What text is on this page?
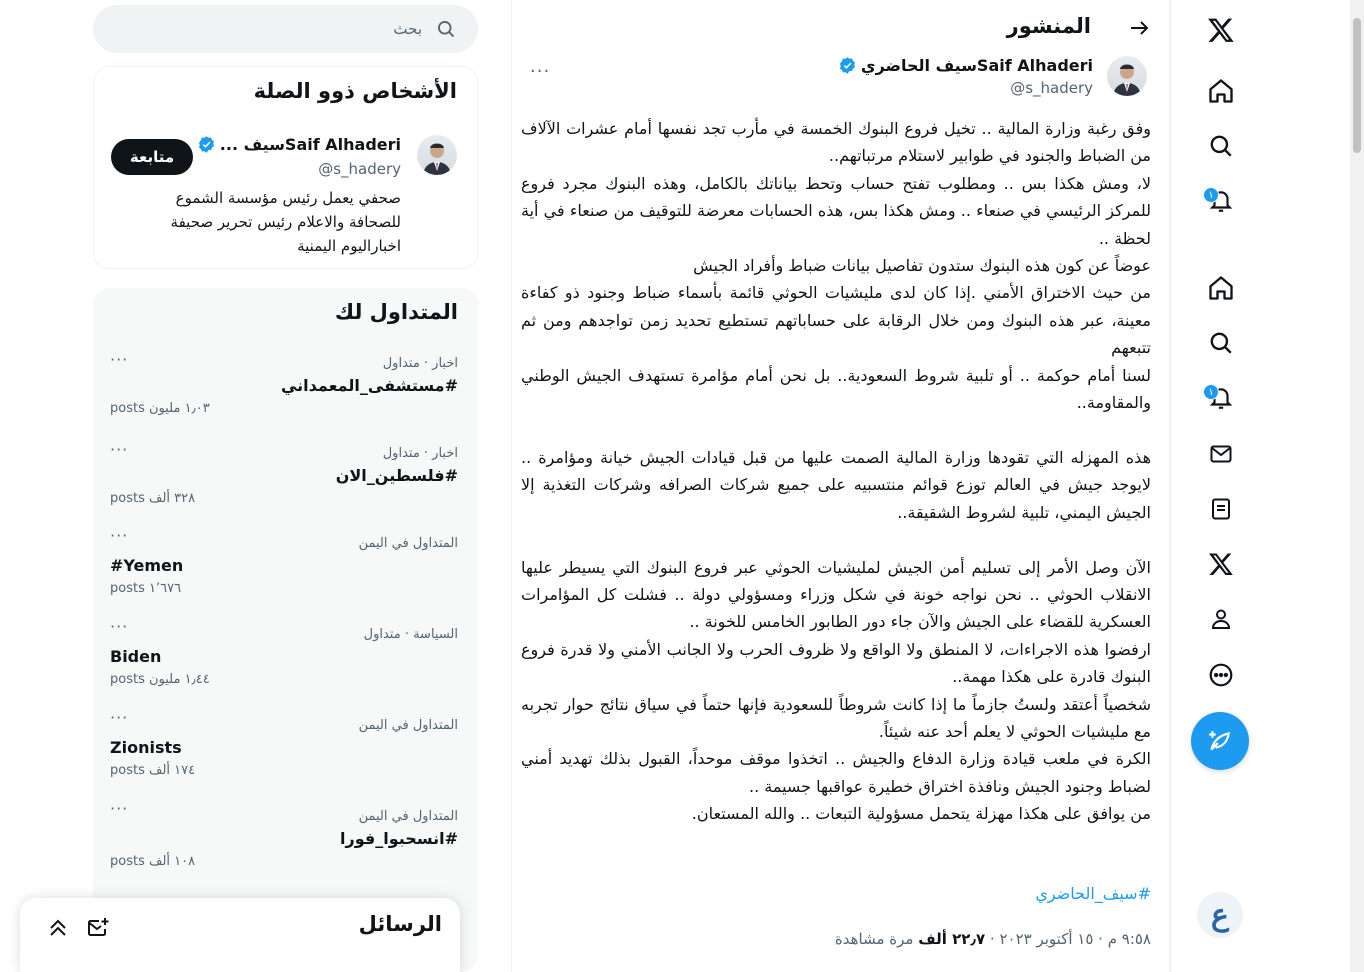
١
١
ع
المنشور
Saif Alhaderiسيف الحاضري
@s_hadery
...
وفق رغبة وزارة المالية .. تخيل فروع البنوك الخمسة في مأرب تجد نفسها أمام عشرات الآلاف من الضباط والجنود في طوابير لاستلام مرتباتهم..
لا، ومش هكذا بس .. ومطلوب تفتح حساب وتحط بياناتك بالكامل، وهذه البنوك مجرد فروع للمركز الرئيسي في صنعاء .. ومش هكذا بس، هذه الحسابات معرضة للتوقيف من صنعاء في أية لحظة ..
عوضاً عن كون هذه البنوك ستدون تفاصيل بيانات ضباط وأفراد الجيش
من حيث الاختراق الأمني .إذا كان لدى مليشيات الحوثي قائمة بأسماء ضباط وجنود ذو كفاءة معينة، عبر هذه البنوك ومن خلال الرقابة على حساباتهم تستطيع تحديد زمن تواجدهم ومن ثم تتبعهم
لسنا أمام حوكمة .. أو تلبية شروط السعودية.. بل نحن أمام مؤامرة تستهدف الجيش الوطني والمقاومة..

هذه المهزله التي تقودها وزارة المالية الصمت عليها من قبل قيادات الجيش خيانة ومؤامرة .. لايوجد جيش في العالم توزع قوائم منتسبيه على جميع شركات الصرافه وشركات التغذية إلا الجيش اليمني، تلبية لشروط الشقيقة..

الآن وصل الأمر إلى تسليم أمن الجيش لمليشيات الحوثي عبر فروع البنوك التي يسيطر عليها الانقلاب الحوثي .. نحن نواجه خونة في شكل وزراء ومسؤولي دولة .. فشلت كل المؤامرات العسكرية للقضاء على الجيش والآن جاء دور الطابور الخامس للخونة ..
ارفضوا هذه الاجراءات، لا المنطق ولا الواقع ولا ظروف الحرب ولا الجانب الأمني ولا قدرة فروع البنوك قادرة على هكذا مهمة..
شخصياً أعتقد ولستُ جازماً ما إذا كانت شروطاً للسعودية فإنها حتماً في سياق نتائج حوار تجربه مع مليشيات الحوثي لا يعلم أحد عنه شيئاً.
الكرة في ملعب قيادة وزارة الدفاع والجيش .. اتخذوا موقف موحداً، القبول بذلك تهديد أمني لضباط وجنود الجيش ونافذة اختراق خطيرة عواقبها جسيمة ..
من يوافق على هكذا مهزلة يتحمل مسؤولية التبعات .. والله المستعان.
#سيف_الحاضري
٩:٥٨ م · ١٥ أكتوبر ٢٠٢٣ · ٢٢٫٧ ألف مرة مشاهدة
بحث
الأشخاص ذوو الصلة
Saif Alhaderiسيف ...
@s_hadery
متابعة
صحفي يعمل رئيس مؤسسة الشموع للصحافة والاعلام رئيس تحرير صحيفة اخباراليوم اليمنية
المتداول لك
اخبار · متداول
#مستشفى_المعمداني
١٫٠٣ مليون posts
···
اخبار · متداول
#فلسطين_الان
٣٢٨ ألف posts
···
المتداول في اليمن
#Yemen
١٬٦٧٦ posts
···
السياسة · متداول
Biden
١٫٤٤ مليون posts
···
المتداول في اليمن
Zionists
١٧٤ ألف posts
···
المتداول في اليمن
#انسحبوا_فورا
١٠٨ ألف posts
···
الرسائل
